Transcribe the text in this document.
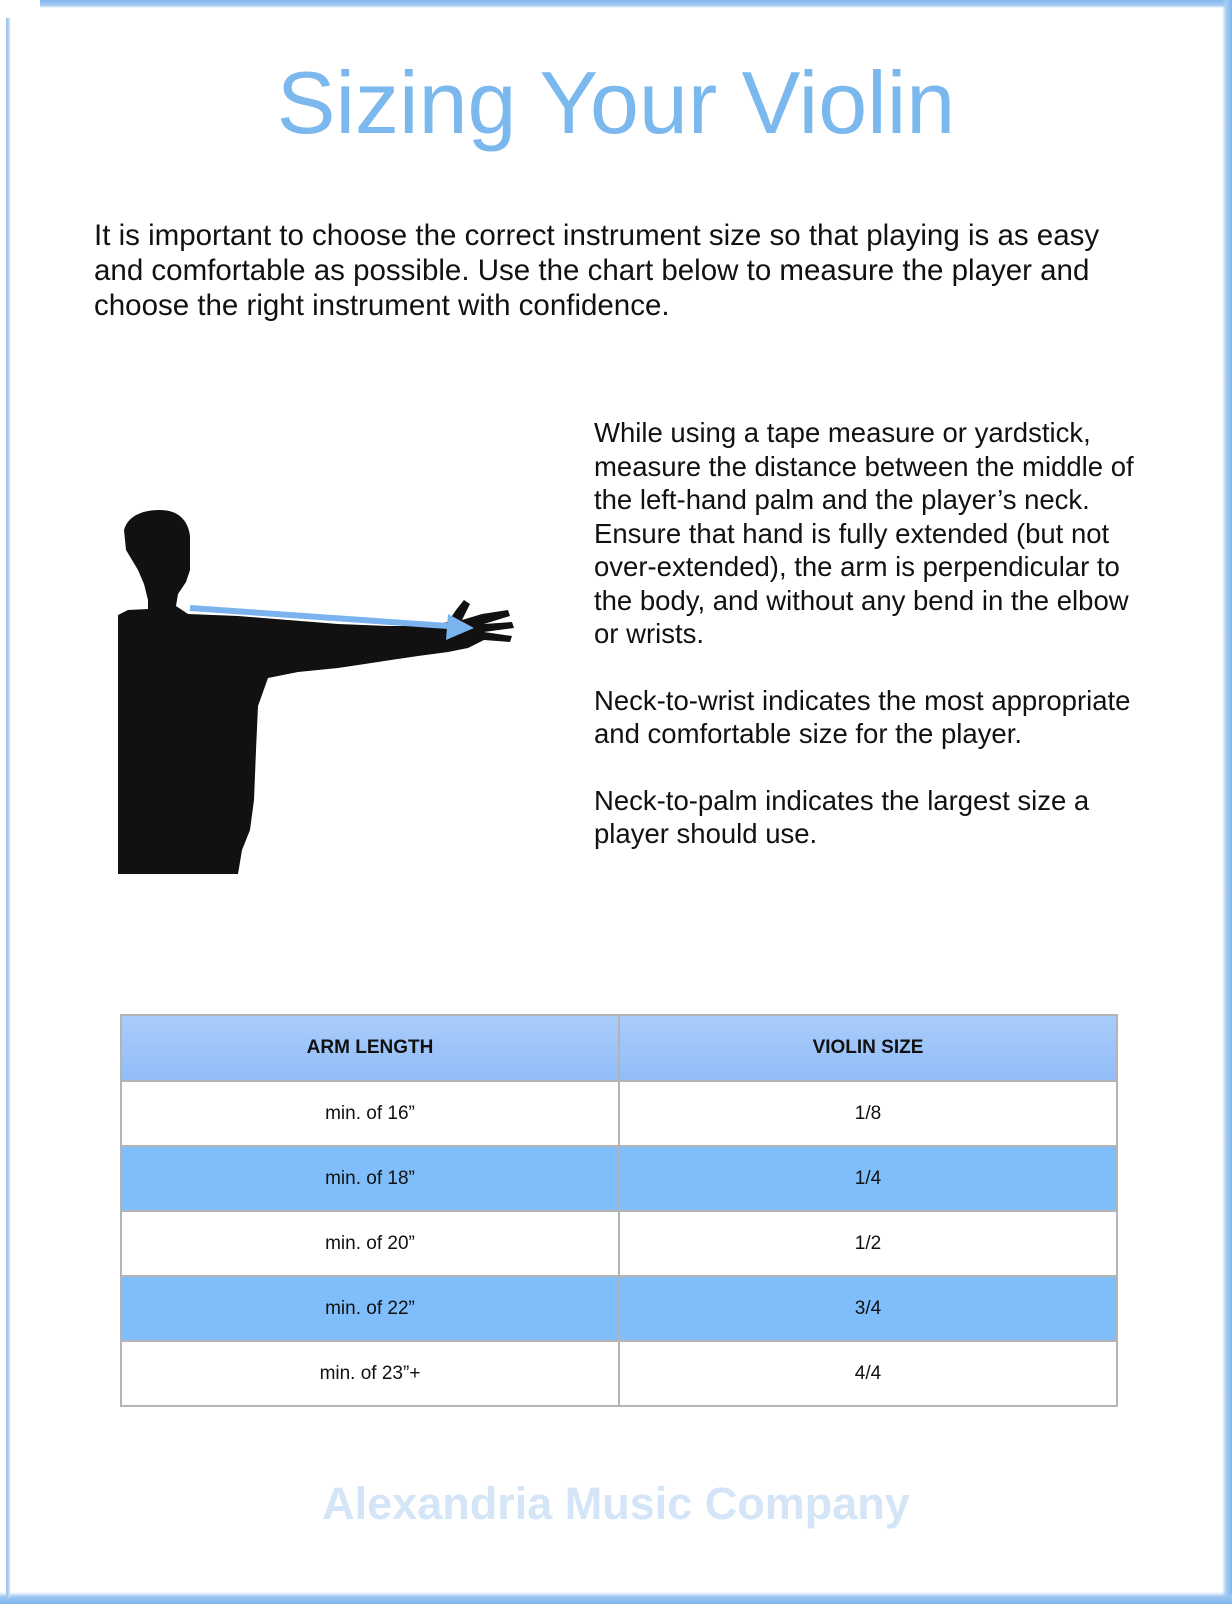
Sizing Your Violin
It is important to choose the correct instrument size so that playing is as easy and comfortable as possible. Use the chart below to measure the player and choose the right instrument with confidence.

While using a tape measure or yardstick, measure the distance between the middle of the left-hand palm and the player’s neck. Ensure that hand is fully extended (but not over-extended), the arm is perpendicular to the body, and without any bend in the elbow or wrists.

Neck-to-wrist indicates the most appropriate and comfortable size for the player.

Neck-to-palm indicates the largest size a player should use.

ARM LENGTH	VIOLIN SIZE
min. of 16”	1/8
min. of 18”	1/4
min. of 20”	1/2
min. of 22”	3/4
min. of 23”+	4/4
Alexandria Music Company
